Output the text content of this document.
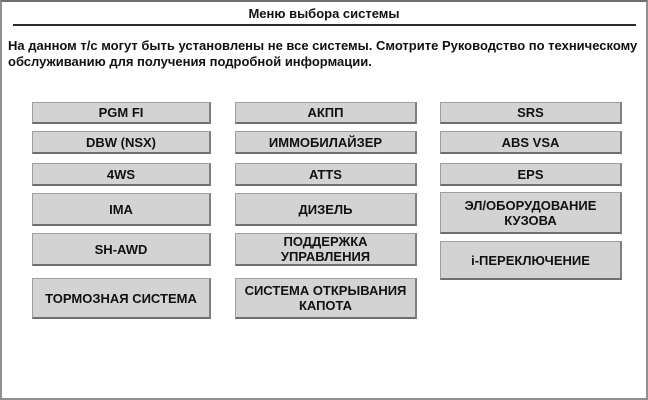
Меню выбора системы
На данном т/с могут быть установлены не все системы. Смотрите Руководство по техническому обслуживанию для получения подробной информации.
PGM FI
DBW (NSX)
4WS
IMA
SH-AWD
ТОРМОЗНАЯ СИСТЕМА
АКПП
ИММОБИЛАЙЗЕР
ATTS
ДИЗЕЛЬ
ПОДДЕРЖКА УПРАВЛЕНИЯ
СИСТЕМА ОТКРЫВАНИЯ КАПОТА
SRS
ABS VSA
EPS
ЭЛ/ОБОРУДОВАНИЕ КУЗОВА
i-ПЕРЕКЛЮЧЕНИЕ
